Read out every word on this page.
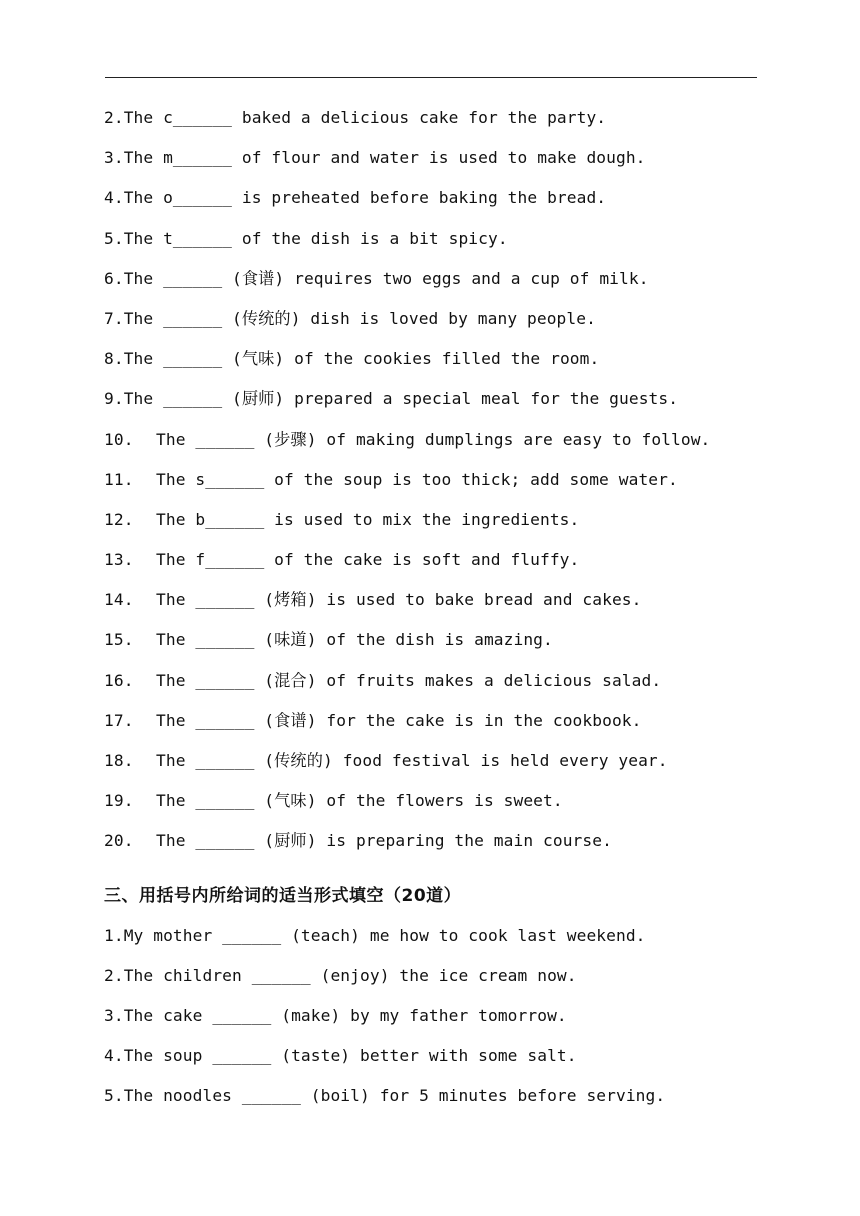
2.The c______ baked a delicious cake for the party.
3.The m______ of flour and water is used to make dough.
4.The o______ is preheated before baking the bread.
5.The t______ of the dish is a bit spicy.
6.The ______ (食谱) requires two eggs and a cup of milk.
7.The ______ (传统的) dish is loved by many people.
8.The ______ (气味) of the cookies filled the room.
9.The ______ (厨师) prepared a special meal for the guests.
10. The ______ (步骤) of making dumplings are easy to follow.
11. The s______ of the soup is too thick; add some water.
12. The b______ is used to mix the ingredients.
13. The f______ of the cake is soft and fluffy.
14. The ______ (烤箱) is used to bake bread and cakes.
15. The ______ (味道) of the dish is amazing.
16. The ______ (混合) of fruits makes a delicious salad.
17. The ______ (食谱) for the cake is in the cookbook.
18. The ______ (传统的) food festival is held every year.
19. The ______ (气味) of the flowers is sweet.
20. The ______ (厨师) is preparing the main course.
三、用括号内所给词的适当形式填空（20道）
1.My mother ______ (teach) me how to cook last weekend.
2.The children ______ (enjoy) the ice cream now.
3.The cake ______ (make) by my father tomorrow.
4.The soup ______ (taste) better with some salt.
5.The noodles ______ (boil) for 5 minutes before serving.
